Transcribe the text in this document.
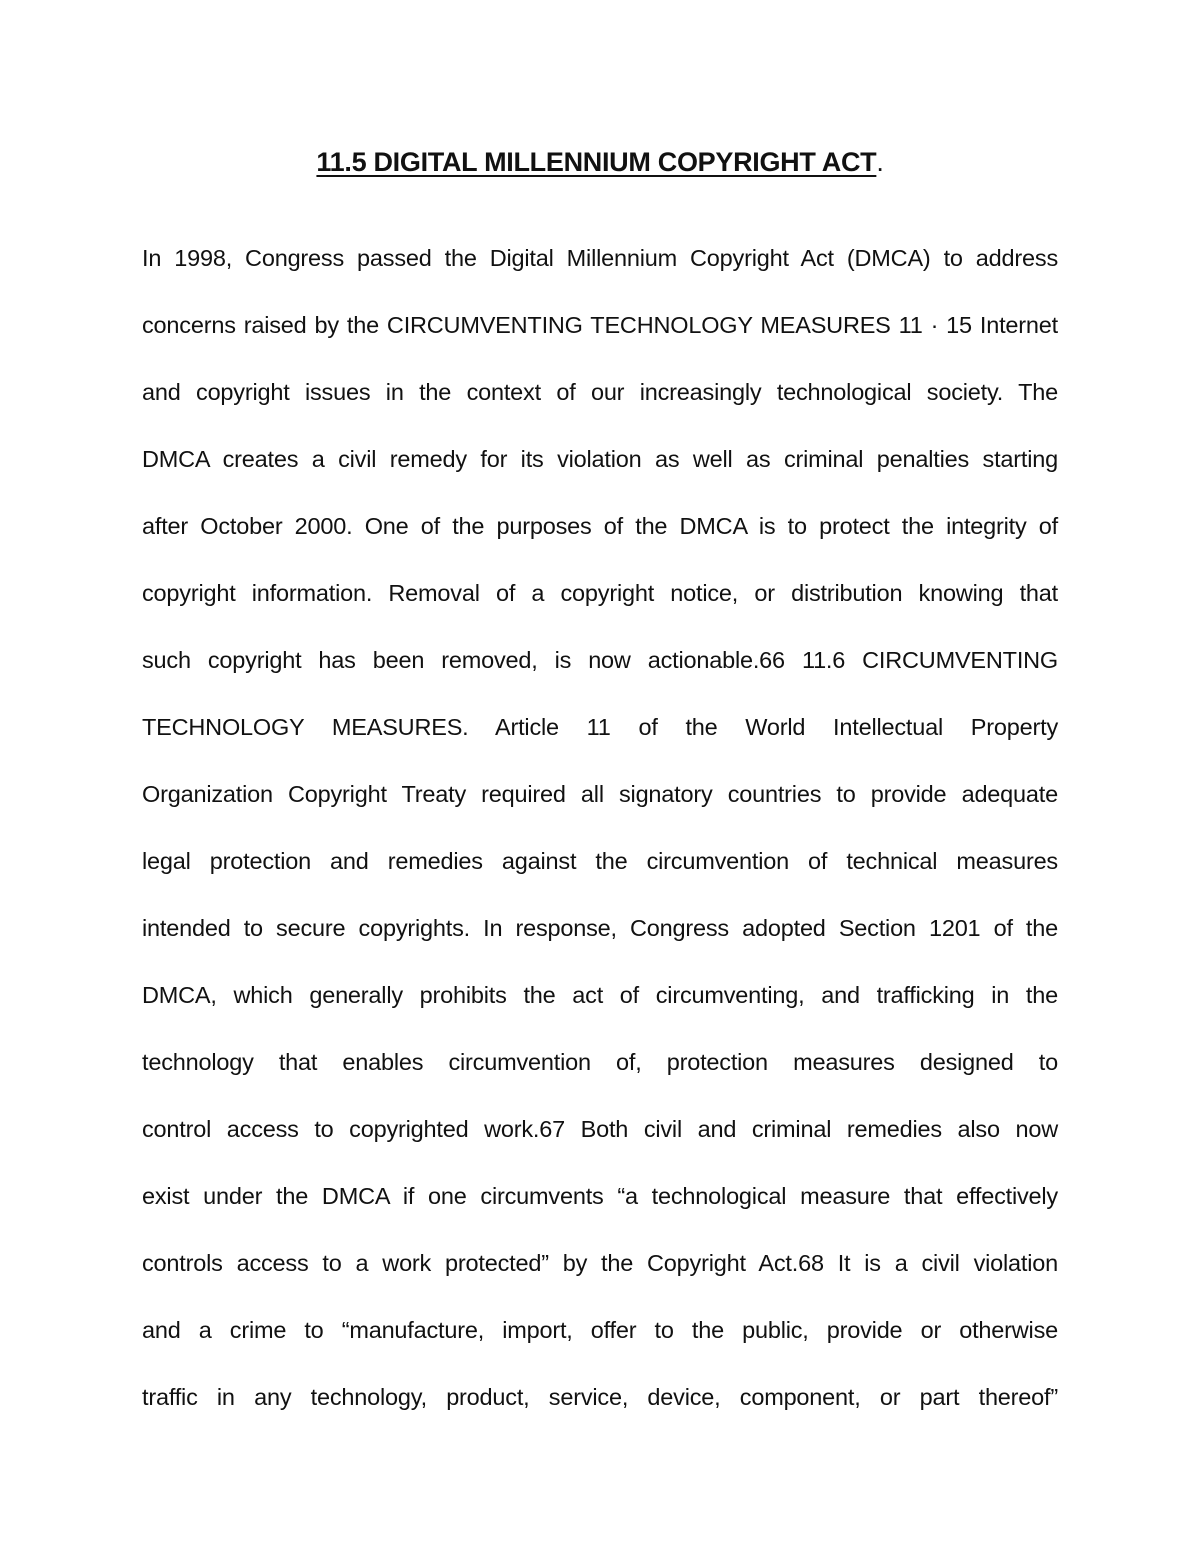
11.5 DIGITAL MILLENNIUM COPYRIGHT ACT.
In 1998, Congress passed the Digital Millennium Copyright Act (DMCA) to address
concerns raised by the CIRCUMVENTING TECHNOLOGY MEASURES 11 · 15 Internet
and copyright issues in the context of our increasingly technological society. The
DMCA creates a civil remedy for its violation as well as criminal penalties starting
after October 2000. One of the purposes of the DMCA is to protect the integrity of
copyright information. Removal of a copyright notice, or distribution knowing that
such copyright has been removed, is now actionable.66 11.6 CIRCUMVENTING
TECHNOLOGY MEASURES. Article 11 of the World Intellectual Property
Organization Copyright Treaty required all signatory countries to provide adequate
legal protection and remedies against the circumvention of technical measures
intended to secure copyrights. In response, Congress adopted Section 1201 of the
DMCA, which generally prohibits the act of circumventing, and trafficking in the
technology that enables circumvention of, protection measures designed to
control access to copyrighted work.67 Both civil and criminal remedies also now
exist under the DMCA if one circumvents “a technological measure that effectively
controls access to a work protected” by the Copyright Act.68 It is a civil violation
and a crime to “manufacture, import, offer to the public, provide or otherwise
traffic in any technology, product, service, device, component, or part thereof”
